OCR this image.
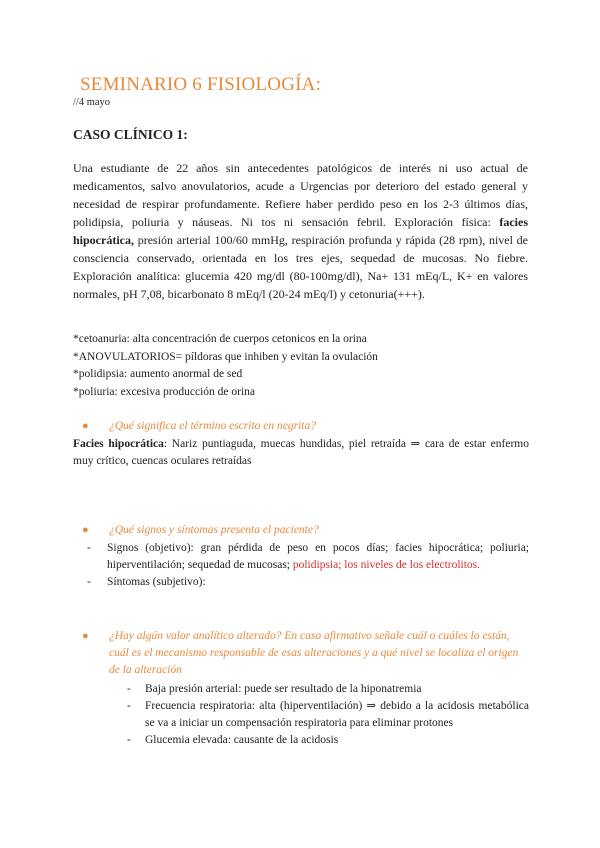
SEMINARIO 6 FISIOLOGÍA:
//4 mayo
CASO CLÍNICO 1:
Una estudiante de 22 años sin antecedentes patológicos de interés ni uso actual de medicamentos, salvo anovulatorios, acude a Urgencias por deterioro del estado general y necesidad de respirar profundamente. Refiere haber perdido peso en los 2-3 últimos días, polidipsia, poliuria y náuseas. Ni tos ni sensación febril. Exploración física: facies hipocrática, presión arterial 100/60 mmHg, respiración profunda y rápida (28 rpm), nivel de consciencia conservado, orientada en los tres ejes, sequedad de mucosas. No fiebre. Exploración analítica: glucemia 420 mg/dl (80-100mg/dl), Na+ 131 mEq/L, K+ en valores normales, pH 7,08, bicarbonato 8 mEq/l (20-24 mEq/l) y cetonuria(+++).
*cetoanuria: alta concentración de cuerpos cetonicos en la orina
*ANOVULATORIOS= píldoras que inhiben y evitan la ovulación
*polidipsia: aumento anormal de sed
*poliuria: excesiva producción de orina
●	¿Qué significa el término escrito en negrita?
Facies hipocrática: Nariz puntiaguda, muecas hundidas, piel retraída ⇒ cara de estar enfermo muy crítico, cuencas oculares retraídas
●	¿Qué signos y síntomas presenta el paciente?
- Signos (objetivo): gran pérdida de peso en pocos días; facies hipocrática; poliuria; hiperventilación; sequedad de mucosas; polidipsia; los niveles de los electrolitos.
- Síntomas (subjetivo):
●	¿Hay algún valor analítico alterado? En caso afirmativo señale cuál o cuáles lo están, cuál es el mecanismo responsable de esas alteraciones y a qué nivel se localiza el origen de la alteración
- Baja presión arterial: puede ser resultado de la hiponatremia
- Frecuencia respiratoria: alta (hiperventilación) ⇒ debido a la acidosis metabólica se va a iniciar un compensación respiratoria para eliminar protones
- Glucemia elevada: causante de la acidosis
